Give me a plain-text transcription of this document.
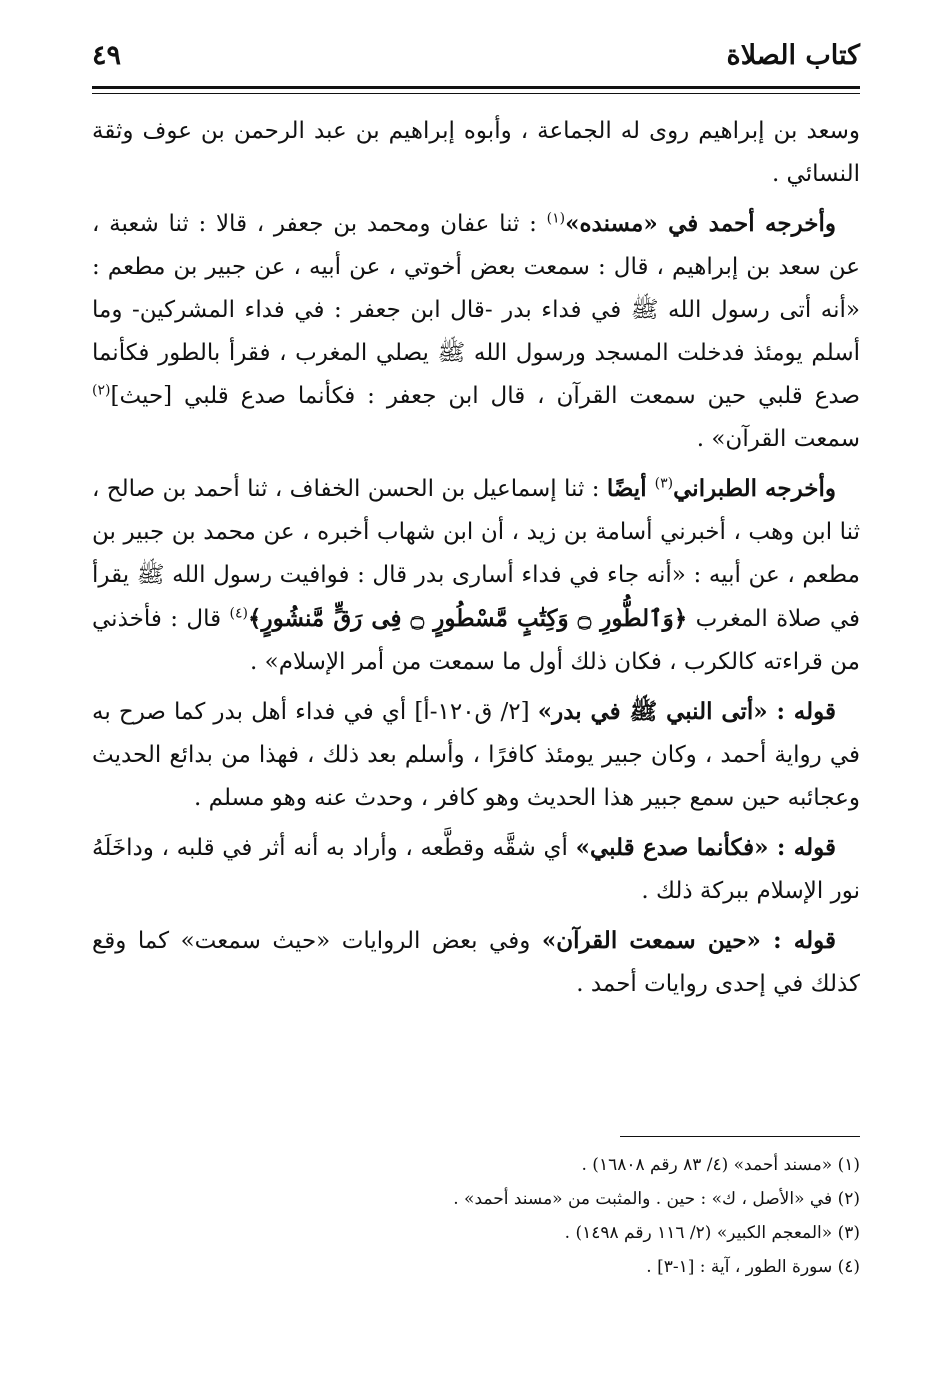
كتاب الصلاة
٤٩

وسعد بن إبراهيم روى له الجماعة ، وأبوه إبراهيم بن عبد الرحمن بن عوف وثقة النسائي .

وأخرجه أحمد في «مسنده»$^{(١)}$ : ثنا عفان ومحمد بن جعفر ، قالا : ثنا شعبة ، عن سعد بن إبراهيم ، قال : سمعت بعض أخوتي ، عن أبيه ، عن جبير بن مطعم : «أنه أتى رسول الله ﷺ في فداء بدر -قال ابن جعفر : في فداء المشركين- وما أسلم يومئذ فدخلت المسجد ورسول الله ﷺ يصلي المغرب ، فقرأ بالطور فكأنما صدع قلبي حين سمعت القرآن ، قال ابن جعفر : فكأنما صدع قلبي [حيث]$^{(٢)}$ سمعت القرآن» .

وأخرجه الطبراني$^{(٣)}$ أيضًا : ثنا إسماعيل بن الحسن الخفاف ، ثنا أحمد بن صالح ، ثنا ابن وهب ، أخبرني أسامة بن زيد ، أن ابن شهاب أخبره ، عن محمد بن جبير بن مطعم ، عن أبيه : «أنه جاء في فداء أسارى بدر قال : فوافيت رسول الله ﷺ يقرأ في صلاة المغرب ﴿وَٱلطُّورِ ۝ وَكِتَٰبٍ مَّسْطُورٍ ۝ فِى رَقٍّ مَّنشُورٍ﴾$^{(٤)}$ قال : فأخذني من قراءته كالكرب ، فكان ذلك أول ما سمعت من أمر الإسلام» .

قوله : «أتى النبي ﷺ في بدر» [٢/ ق١٢٠-أ] أي في فداء أهل بدر كما صرح به في رواية أحمد ، وكان جبير يومئذ كافرًا ، وأسلم بعد ذلك ، فهذا من بدائع الحديث وعجائبه حين سمع جبير هذا الحديث وهو كافر ، وحدث عنه وهو مسلم .

قوله : «فكأنما صدع قلبي» أي شقَّه وقطَّعه ، وأراد به أنه أثر في قلبه ، وداخَلَهُ نور الإسلام ببركة ذلك .

قوله : «حين سمعت القرآن» وفي بعض الروايات «حيث سمعت» كما وقع كذلك في إحدى روايات أحمد .

(١) «مسند أحمد» (٤/ ٨٣ رقم ١٦٨٠٨) .
(٢) في «الأصل ، ك» : حين . والمثبت من «مسند أحمد» .
(٣) «المعجم الكبير» (٢/ ١١٦ رقم ١٤٩٨) .
(٤) سورة الطور ، آية : [١-٣] .
